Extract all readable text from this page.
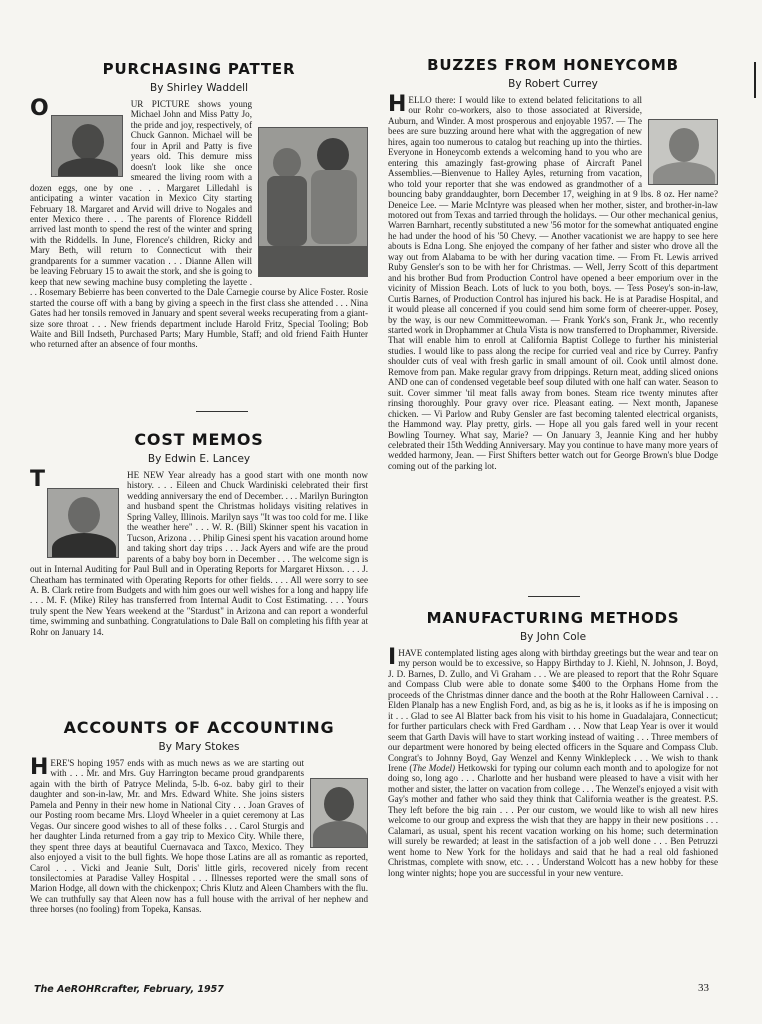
PURCHASING PATTER
By Shirley Waddell

O	UR PICTURE shows young Michael John and Miss Patty Jo, the pride and joy, respectively, of Chuck Gannon. Michael will be four in April and Patty is five years old. This demure miss doesn't look like she once smeared the living room with a dozen eggs, one by one . . . Margaret Lilledahl is anticipating a winter vacation in Mexico City starting February 18. Margaret and Arvid will drive to Nogales and enter Mexico there . . . The parents of Florence Riddell arrived last month to spend the rest of the winter and spring with the Riddells. In June, Florence's children, Ricky and Mary Beth, will return to Connecticut with their grandparents for a summer vacation . . . Dianne Allen will be leaving February 15 to await the stork, and she is going to keep that new sewing machine busy completing the layette . . . Rosemary Bebierre has been converted to the Dale Carnegie course by Alice Foster. Rosie started the course off with a bang by giving a speech in the first class she attended . . . Nina Gates had her tonsils removed in January and spent several weeks recuperating from a giant-size sore throat . . . New friends department include Harold Fritz, Special Tooling; Bob Waite and Bill Indseth, Purchased Parts; Mary Humble, Staff; and old friend Faith Hunter who returned after an absence of four months.

COST MEMOS
By Edwin E. Lancey

T	HE NEW Year already has a good start with one month now history. . . . Eileen and Chuck Wardiniski celebrated their first wedding anniversary the end of December. . . . Marilyn Burington and husband spent the Christmas holidays visiting relatives in Spring Valley, Illinois. Marilyn says "It was too cold for me. I like the weather here" . . . W. R. (Bill) Skinner spent his vacation in Tucson, Arizona . . . Philip Ginesi spent his vacation around home and taking short day trips . . . Jack Ayers and wife are the proud parents of a baby boy born in December . . . The welcome sign is out in Internal Auditing for Paul Bull and in Operating Reports for Margaret Hixson. . . . J. Cheatham has terminated with Operating Reports for other fields. . . . All were sorry to see A. B. Clark retire from Budgets and with him goes our well wishes for a long and happy life . . . M. F. (Mike) Riley has transferred from Internal Audit to Cost Estimating. . . . Yours truly spent the New Years weekend at the "Stardust" in Arizona and can report a wonderful time, swimming and sunbathing. Congratulations to Dale Ball on completing his fifth year at Rohr on January 14.

ACCOUNTS OF ACCOUNTING
By Mary Stokes

H ERE'S hoping 1957 ends with as much news as we are starting out with . . . Mr. and Mrs. Guy Harrington became proud grandparents again with the birth of Patryce Melinda, 5-lb. 6-oz. baby girl to their daughter and son-in-law, Mr. and Mrs. Edward White. She joins sisters Pamela and Penny in their new home in National City . . . Joan Graves of our Posting room became Mrs. Lloyd Wheeler in a quiet ceremony at Las Vegas. Our sincere good wishes to all of these folks . . . Carol Sturgis and her daughter Linda returned from a gay trip to Mexico City. While there, they spent three days at beautiful Cuernavaca and Taxco, Mexico. They also enjoyed a visit to the bull fights. We hope those Latins are all as romantic as reported, Carol . . . Vicki and Jeanie Sult, Doris' little girls, recovered nicely from recent tonsilectomies at Paradise Valley Hospital . . . Illnesses reported were the small sons of Marion Hodge, all down with the chickenpox; Chris Klutz and Aleen Chambers with the flu. We can truthfully say that Aleen now has a full house with the arrival of her nephew and three horses (no fooling) from Topeka, Kansas.

BUZZES FROM HONEYCOMB
By Robert Currey

H ELLO there: I would like to extend belated felicitations to all our Rohr co-workers, also to those associated at Riverside, Auburn, and Winder. A most prosperous and enjoyable 1957. — The bees are sure buzzing around here what with the aggregation of new hires, again too numerous to catalog but reaching up into the thirties. Everyone in Honeycomb extends a welcoming hand to you who are entering this amazingly fast-growing phase of Aircraft Panel Assemblies.—Bienvenue to Halley Ayles, returning from vacation, who told your reporter that she was endowed as grandmother of a bouncing baby granddaughter, born December 17, weighing in at 9 lbs. 8 oz. Her name? Deneice Lee. — Marie McIntyre was pleased when her mother, sister, and brother-in-law motored out from Texas and tarried through the holidays. — Our other mechanical genius, Warren Barnhart, recently substituted a new '56 motor for the somewhat antiquated engine he had under the hood of his '50 Chevy. — Another vacationist we are happy to see here abouts is Edna Long. She enjoyed the company of her father and sister who drove all the way out from Alabama to be with her during vacation time. — From Ft. Lewis arrived Ruby Gensler's son to be with her for Christmas. — Well, Jerry Scott of this department and his brother Bud from Production Control have opened a beer emporium over in the vicinity of Mission Beach. Lots of luck to you both, boys. — Tess Posey's son-in-law, Curtis Barnes, of Production Control has injured his back. He is at Paradise Hospital, and it would please all concerned if you could send him some form of cheerer-upper. Posey, by the way, is our new Committeewoman. — Frank York's son, Frank Jr., who recently started work in Drophammer at Chula Vista is now transferred to Drophammer, Riverside. That will enable him to enroll at California Baptist College to further his ministerial studies. I would like to pass along the recipe for curried veal and rice by Currey. Panfry shoulder cuts of veal with fresh garlic in small amount of oil. Cook until almost done. Remove from pan. Make regular gravy from drippings. Return meat, adding sliced onions AND one can of condensed vegetable beef soup diluted with one half can water. Season to suit. Cover simmer 'til meat falls away from bones. Steam rice twenty minutes after rinsing thoroughly. Pour gravy over rice. Pleasant eating. — Next month, Japanese chicken. — Vi Parlow and Ruby Gensler are fast becoming talented electrical organists, the Hammond way. Play pretty, girls. — Hope all you gals fared well in your recent Bowling Tourney. What say, Marie? — On January 3, Jeannie King and her hubby celebrated their 15th Wedding Anniversary. May you continue to have many more years of wedded harmony, Jean. — First Shifters better watch out for George Brown's blue Dodge coming out of the parking lot.

MANUFACTURING METHODS
By John Cole

I HAVE contemplated listing ages along with birthday greetings but the wear and tear on my person would be to excessive, so Happy Birthday to J. Kiehl, N. Johnson, J. Boyd, J. D. Barnes, D. Zullo, and Vi Graham . . . We are pleased to report that the Rohr Square and Compass Club were able to donate some $400 to the Orphans Home from the proceeds of the Christmas dinner dance and the booth at the Rohr Halloween Carnival . . . Elden Planalp has a new English Ford, and, as big as he is, it looks as if he is imposing on it . . . Glad to see Al Blatter back from his visit to his home in Guadalajara, Connecticut; for further particulars check with Fred Gardham . . . Now that Leap Year is over it would seem that Garth Davis will have to start working instead of waiting . . . Three members of our department were honored by being elected officers in the Square and Compass Club. Congrat's to Johnny Boyd, Gay Wenzel and Kenny Winklepleck . . . We wish to thank Irene (The Model) Hetkowski for typing our column each month and to apologize for not doing so, long ago . . . Charlotte and her husband were pleased to have a visit with her mother and sister, the latter on vacation from college . . . The Wenzel's enjoyed a visit with Gay's mother and father who said they think that California weather is the greatest. P.S. They left before the big rain . . . Per our custom, we would like to wish all new hires welcome to our group and express the wish that they are happy in their new positions . . . Calamari, as usual, spent his recent vacation working on his home; such determination will surely be rewarded; at least in the satisfaction of a job well done . . . Ben Petruzzi went home to New York for the holidays and said that he had a real old fashioned Christmas, complete with snow, etc. . . . Understand Wolcott has a new hobby for these long winter nights; hope you are successful in your new venture.

The AeROHRcrafter, February, 1957	33
